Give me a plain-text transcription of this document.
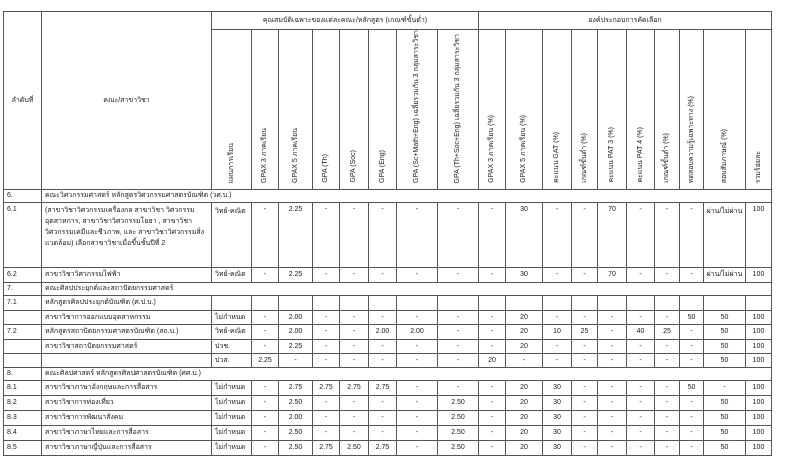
ลำดับที่	คณะ/สาขาวิชา	คุณสมบัติเฉพาะของแต่ละคณะ/หลักสูตร (เกณฑ์ขั้นต่ำ)								องค์ประกอบการคัดเลือก									
		แผนการเรียน	GPAX 3 ภาคเรียน	GPAX 5 ภาคเรียน	GPA (Th)	GPA (Soc)	GPA (Eng)	GPA (Sc+Math+Eng) เฉลี่ยรวมกัน 3 กลุ่มสาระวิชา	GPA (Th+Soc+Eng) เฉลี่ยรวมกัน 3 กลุ่มสาระวิชา	GPAX 3 ภาคเรียน (%)	GPAX 5 ภาคเรียน (%)	คะแนน GAT (%)	เกณฑ์ขั้นต่ำ (%)	คะแนน PAT 3 (%)	คะแนน PAT 4 (%)	เกณฑ์ขั้นต่ำ (%)	ทดสอบความรู้เฉพาะทาง (%)	สอบสัมภาษณ์ (%)	รวมร้อยละ
6.	คณะวิศวกรรมศาสตร์ หลักสูตรวิศวกรรมศาสตรบัณฑิต (วศ.บ.)																		
6.1	(สาขาวิชาวิศวกรรมเครื่องกล สาขาวิชา วิศวกรรมอุตสาหการ, สาขาวิชาวิศวกรรมโยธา , สาขาวิชาวิศวกรรมเคมีและชีวภาพ, และ สาขาวิชาวิศวกรรมสิ่งแวดล้อม) เลือกสาขาวิชาเมื่อขึ้นชั้นปีที่ 2	วิทย์-คณิต	-	2.25	-	-	-	-	-	-	30	-	-	70	-	-	-	ผ่าน/ไม่ผ่าน	100
6.2	สาขาวิชาวิศวกรรมไฟฟ้า	วิทย์-คณิต	-	2.25	-	-	-	-	-	-	30	-	-	70	-	-	-	ผ่าน/ไม่ผ่าน	100
7.	คณะศิลปประยุกต์และสถาปัตยกรรมศาสตร์																		
7.1	หลักสูตรศิลปประยุกต์บัณฑิต (ศ.ป.บ.)																		
	สาขาวิชาการออกแบบอุตสาหกรรม	ไม่กำหนด	-	2.00	-	-	-	-	-	-	20	-	-	-	-	-	50	50	100
7.2	หลักสูตรสถาปัตยกรรมศาสตรบัณฑิต (สถ.บ.)	วิทย์-คณิต	-	2.00	-	-	2.00	2.00	-	-	20	10	25	-	40	25	-	50	100
	สาขาวิชาสถาปัตยกรรมศาสตร์	ปวช.	-	2.25	-	-	-	-	-	-	20	-	-	-	-	-	-	50	100
		ปวส.	2.25	-	-	-	-	-	-	20	-	-	-	-	-	-	-	50	100
8.	คณะศิลปศาสตร์ หลักสูตรศิลปศาสตรบัณฑิต (ศศ.บ.)																		
8.1	สาขาวิชาภาษาอังกฤษและการสื่อสาร	ไม่กำหนด	-	2.75	2.75	2.75	2.75	-	-	-	20	30	-	-	-	-	50	-	100
8.2	สาขาวิชาการท่องเที่ยว	ไม่กำหนด	-	2.50	-	-	-	-	2.50	-	20	30	-	-	-	-	-	50	100
8.3	สาขาวิชาการพัฒนาสังคม	ไม่กำหนด	-	2.00	-	-	-	-	2.50	-	20	30	-	-	-	-	-	50	100
8.4	สาขาวิชาภาษาไทยและการสื่อสาร	ไม่กำหนด	-	2.50	-	-	-	-	2.50	-	20	30	-	-	-	-	-	50	100
8.5	สาขาวิชาภาษาญี่ปุ่นและการสื่อสาร	ไม่กำหนด	-	2.50	2.75	2.50	2.75	-	2.50	-	20	30	-	-	-	-	-	50	100
